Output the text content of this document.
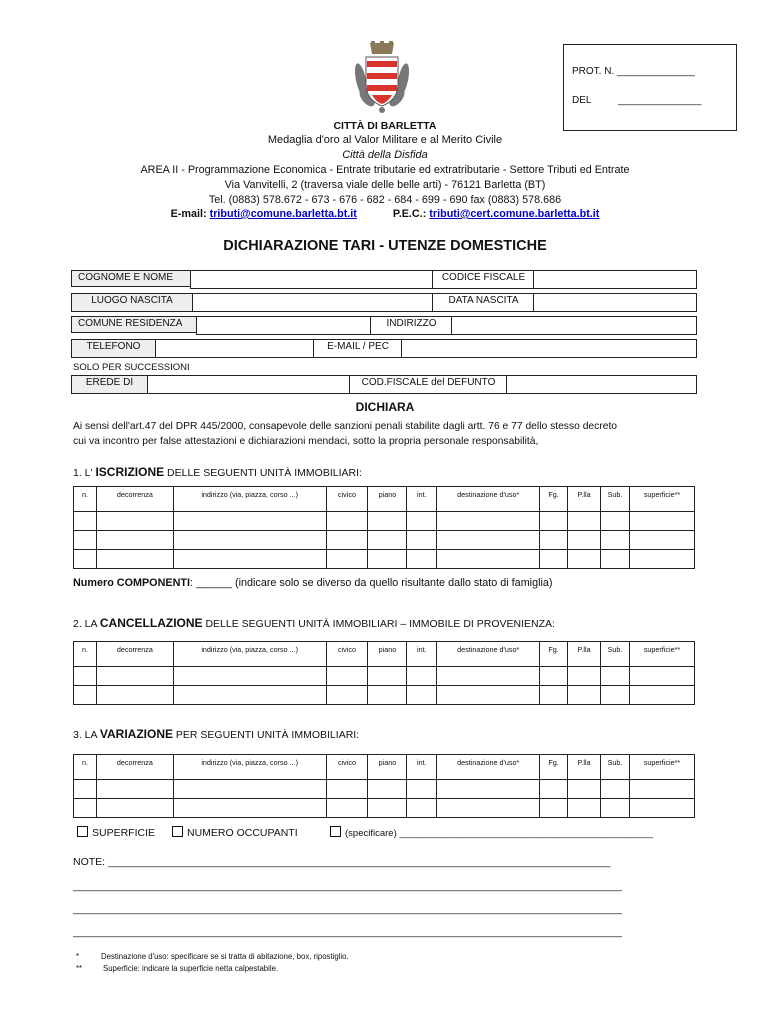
PROT. N. ______________
DEL	_______________
CITTÀ DI BARLETTA
Medaglia d'oro al Valor Militare e al Merito Civile
Città della Disfida
AREA II - Programmazione Economica - Entrate tributarie ed extratributarie - Settore Tributi ed Entrate
Via Vanvitelli, 2 (traversa viale delle belle arti) - 76121 Barletta (BT)
Tel. (0883) 578.672 - 673 - 676 - 682 - 684 - 699 - 690 fax (0883) 578.686
E-mail: tributi@comune.barletta.bt.it	P.E.C.: tributi@cert.comune.barletta.bt.it
DICHIARAZIONE TARI - UTENZE DOMESTICHE
COGNOME E NOME	CODICE FISCALE
LUOGO NASCITA	DATA NASCITA
COMUNE RESIDENZA	INDIRIZZO
TELEFONO	E-MAIL / PEC
SOLO PER SUCCESSIONI
EREDE DI	COD.FISCALE del DEFUNTO
DICHIARA
Ai sensi dell'art.47 del DPR 445/2000, consapevole delle sanzioni penali stabilite dagli artt. 76 e 77 dello stesso decreto
cui va incontro per false attestazioni e dichiarazioni mendaci, sotto la propria personale responsabilità,
1. L' ISCRIZIONE DELLE SEGUENTI UNITÀ IMMOBILIARI:
n.	decorrenza	indirizzo (via, piazza, corso ...)	civico	piano	int.	destinazione d'uso*	Fg.	P.lla	Sub.	superficie**

Numero COMPONENTI: ______ (indicare solo se diverso da quello risultante dallo stato di famiglia)
2. LA CANCELLAZIONE DELLE SEGUENTI UNITÀ IMMOBILIARI – IMMOBILE DI PROVENIENZA:
n.	decorrenza	indirizzo (via, piazza, corso ...)	civico	piano	int.	destinazione d'uso*	Fg.	P.lla	Sub.	superficie**

3. LA VARIAZIONE PER SEGUENTI UNITÀ IMMOBILIARI:
n.	decorrenza	indirizzo (via, piazza, corso ...)	civico	piano	int.	destinazione d'uso*	Fg.	P.lla	Sub.	superficie**

SUPERFICIE	NUMERO OCCUPANTI	(specificare) ________________________________________________
NOTE: ______________________________________________________________________________________
______________________________________________________________________________________________
______________________________________________________________________________________________
______________________________________________________________________________________________
*	Destinazione d'uso: specificare se si tratta di abitazione, box, ripostiglio.
**	Superficie: indicare la superficie netta calpestabile.
